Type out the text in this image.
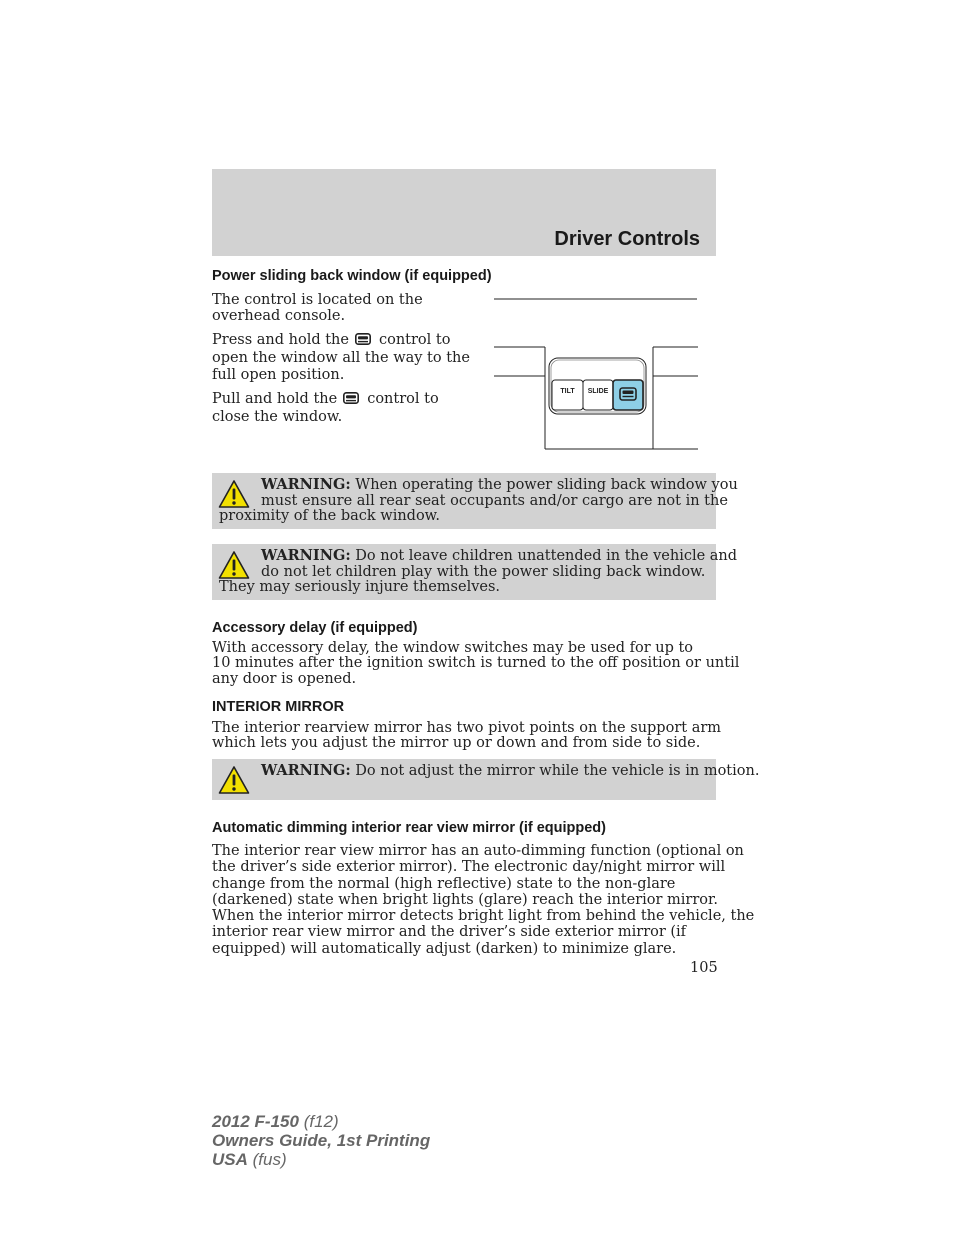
Driver Controls
Power sliding back window (if equipped)
The control is located on the
overhead console.
Press and hold the control to
open the window all the way to the
full open position.
Pull and hold the control to
close the window.
TILT	SLIDE
WARNING: When operating the power sliding back window you
must ensure all rear seat occupants and/or cargo are not in the
proximity of the back window.
WARNING: Do not leave children unattended in the vehicle and
do not let children play with the power sliding back window.
They may seriously injure themselves.
Accessory delay (if equipped)
With accessory delay, the window switches may be used for up to
10 minutes after the ignition switch is turned to the off position or until
any door is opened.
INTERIOR MIRROR
The interior rearview mirror has two pivot points on the support arm
which lets you adjust the mirror up or down and from side to side.
WARNING: Do not adjust the mirror while the vehicle is in motion.
Automatic dimming interior rear view mirror (if equipped)
The interior rear view mirror has an auto-dimming function (optional on
the driver’s side exterior mirror). The electronic day/night mirror will
change from the normal (high reflective) state to the non-glare
(darkened) state when bright lights (glare) reach the interior mirror.
When the interior mirror detects bright light from behind the vehicle, the
interior rear view mirror and the driver’s side exterior mirror (if
equipped) will automatically adjust (darken) to minimize glare.
105
2012 F-150 (f12)
Owners Guide, 1st Printing
USA (fus)
